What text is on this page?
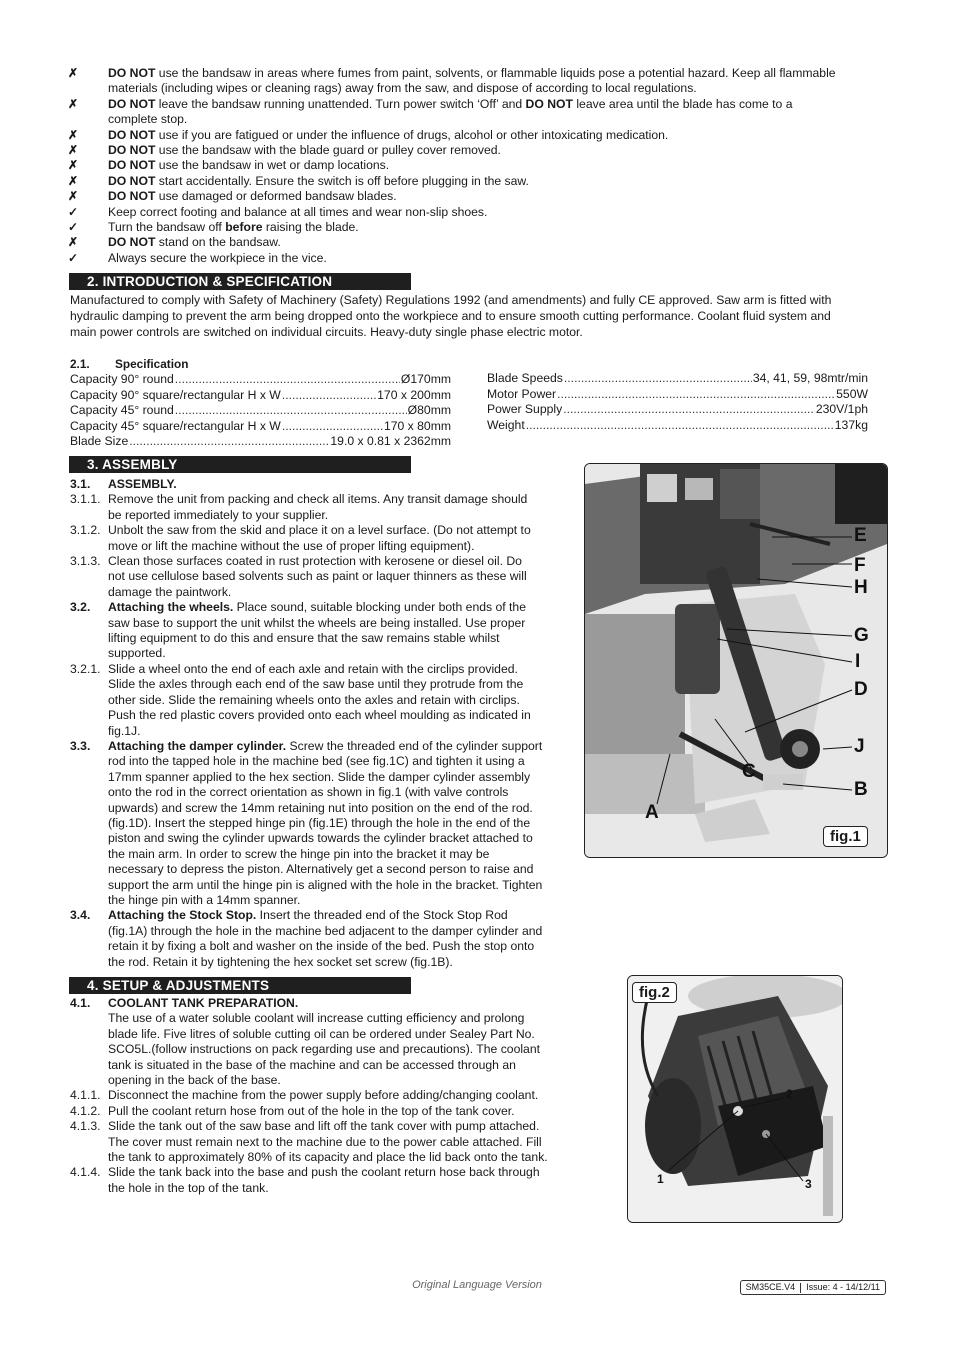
✗	DO NOT use the bandsaw in areas where fumes from paint, solvents, or flammable liquids pose a potential hazard. Keep all flammable
materials (including wipes or cleaning rags) away from the saw, and dispose of according to local regulations.
✗	DO NOT leave the bandsaw running unattended. Turn power switch ‘Off’ and DO NOT leave area until the blade has come to a
complete stop.
✗	DO NOT use if you are fatigued or under the influence of drugs, alcohol or other intoxicating medication.
✗	DO NOT use the bandsaw with the blade guard or pulley cover removed.
✗	DO NOT use the bandsaw in wet or damp locations.
✗	DO NOT start accidentally. Ensure the switch is off before plugging in the saw.
✗	DO NOT use damaged or deformed bandsaw blades.
✓	Keep correct footing and balance at all times and wear non-slip shoes.
✓	Turn the bandsaw off before raising the blade.
✗	DO NOT stand on the bandsaw.
✓	Always secure the workpiece in the vice.
2. INTRODUCTION & SPECIFICATION
Manufactured to comply with Safety of Machinery (Safety) Regulations 1992 (and amendments) and fully CE approved. Saw arm is fitted with
hydraulic damping to prevent the arm being dropped onto the workpiece and to ensure smooth cutting performance. Coolant fluid system and
main power controls are switched on individual circuits. Heavy-duty single phase electric motor.
2.1. Specification
Capacity 90° round .....	Ø170mm
Capacity 90° square/rectangular H x W .....	170 x 200mm
Capacity 45° round .....	Ø80mm
Capacity 45° square/rectangular H x W .....	170 x 80mm
Blade Size .....	19.0 x 0.81 x 2362mm
Blade Speeds .....	34, 41, 59, 98mtr/min
Motor Power .....	550W
Power Supply .....	230V/1ph
Weight .....	137kg
3. ASSEMBLY
3.1. ASSEMBLY.
3.1.1. Remove the unit from packing and check all items. Any transit damage should
be reported immediately to your supplier.
3.1.2. Unbolt the saw from the skid and place it on a level surface. (Do not attempt to
move or lift the machine without the use of proper lifting equipment).
3.1.3. Clean those surfaces coated in rust protection with kerosene or diesel oil. Do
not use cellulose based solvents such as paint or laquer thinners as these will
damage the paintwork.
3.2. Attaching the wheels. Place sound, suitable blocking under both ends of the
saw base to support the unit whilst the wheels are being installed. Use proper
lifting equipment to do this and ensure that the saw remains stable whilst
supported.
3.2.1. Slide a wheel onto the end of each axle and retain with the circlips provided.
Slide the axles through each end of the saw base until they protrude from the
other side. Slide the remaining wheels onto the axles and retain with circlips.
Push the red plastic covers provided onto each wheel moulding as indicated in
fig.1J.
3.3. Attaching the damper cylinder. Screw the threaded end of the cylinder support
rod into the tapped hole in the machine bed (see fig.1C) and tighten it using a
17mm spanner applied to the hex section. Slide the damper cylinder assembly
onto the rod in the correct orientation as shown in fig.1 (with valve controls
upwards) and screw the 14mm retaining nut into position on the end of the rod.
(fig.1D). Insert the stepped hinge pin (fig.1E) through the hole in the end of the
piston and swing the cylinder upwards towards the cylinder bracket attached to
the main arm. In order to screw the hinge pin into the bracket it may be
necessary to depress the piston. Alternatively get a second person to raise and
support the arm until the hinge pin is aligned with the hole in the bracket. Tighten
the hinge pin with a 14mm spanner.
3.4. Attaching the Stock Stop. Insert the threaded end of the Stock Stop Rod
(fig.1A) through the hole in the machine bed adjacent to the damper cylinder and
retain it by fixing a bolt and washer on the inside of the bed. Push the stop onto
the rod. Retain it by tightening the hex socket set screw (fig.1B).
4. SETUP & ADJUSTMENTS
4.1. COOLANT TANK PREPARATION.
The use of a water soluble coolant will increase cutting efficiency and prolong
blade life. Five litres of soluble cutting oil can be ordered under Sealey Part No.
SCO5L.(follow instructions on pack regarding use and precautions). The coolant
tank is situated in the base of the machine and can be accessed through an
opening in the back of the base.
4.1.1. Disconnect the machine from the power supply before adding/changing coolant.
4.1.2. Pull the coolant return hose from out of the hole in the top of the tank cover.
4.1.3. Slide the tank out of the saw base and lift off the tank cover with pump attached.
The cover must remain next to the machine due to the power cable attached. Fill
the tank to approximately 80% of its capacity and place the lid back onto the tank.
4.1.4. Slide the tank back into the base and push the coolant return hose back through
the hole in the top of the tank.
E
F
H
G
I
D
J
C
B
A
fig.1
fig.2
2
1	3
Original Language Version	SM35CE.V4 Issue: 4 - 14/12/11
